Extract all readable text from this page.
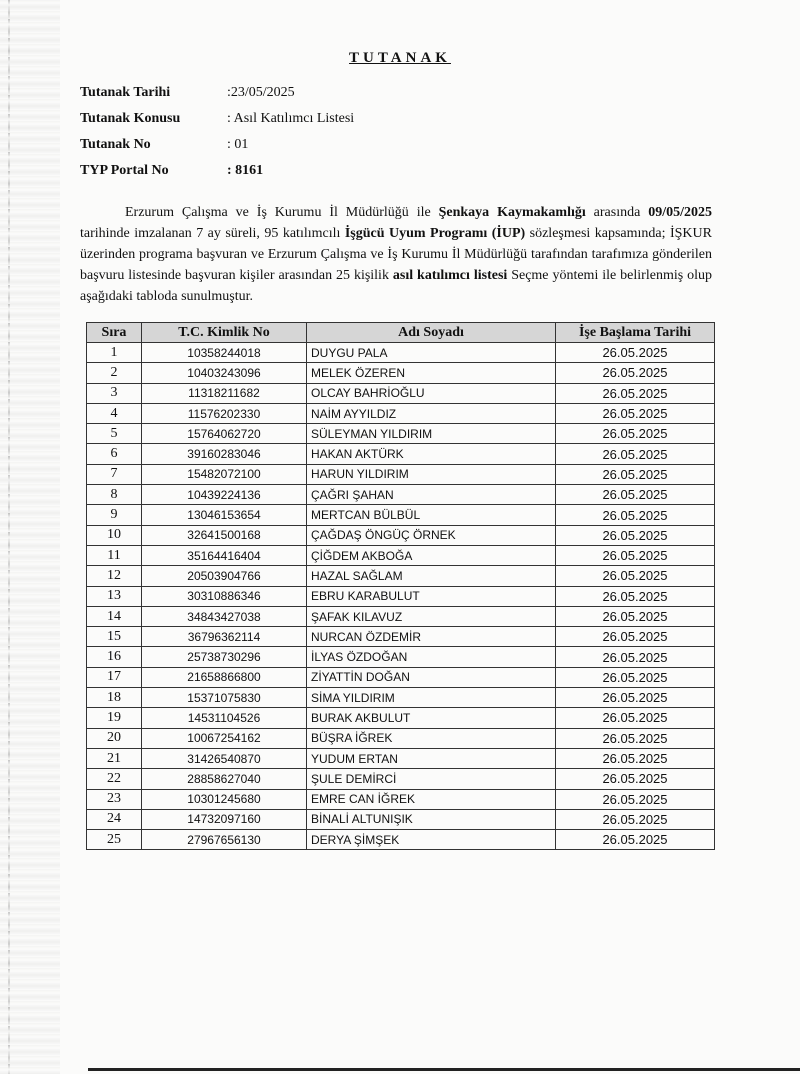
TUTANAK
Tutanak Tarihi	:23/05/2025
Tutanak Konusu	: Asıl Katılımcı Listesi
Tutanak No	: 01
TYP Portal No	: 8161
Erzurum Çalışma ve İş Kurumu İl Müdürlüğü ile Şenkaya Kaymakamlığı arasında 09/05/2025 tarihinde imzalanan 7 ay süreli, 95 katılımcılı İşgücü Uyum Programı (İUP) sözleşmesi kapsamında; İŞKUR üzerinden programa başvuran ve Erzurum Çalışma ve İş Kurumu İl Müdürlüğü tarafından tarafımıza gönderilen başvuru listesinde başvuran kişiler arasından 25 kişilik asıl katılımcı listesi Seçme yöntemi ile belirlenmiş olup aşağıdaki tabloda sunulmuştur.
Sıra	T.C. Kimlik No	Adı Soyadı	İşe Başlama Tarihi
1	10358244018	DUYGU PALA	26.05.2025
2	10403243096	MELEK ÖZEREN	26.05.2025
3	11318211682	OLCAY BAHRİOĞLU	26.05.2025
4	11576202330	NAİM AYYILDIZ	26.05.2025
5	15764062720	SÜLEYMAN YILDIRIM	26.05.2025
6	39160283046	HAKAN AKTÜRK	26.05.2025
7	15482072100	HARUN YILDIRIM	26.05.2025
8	10439224136	ÇAĞRI ŞAHAN	26.05.2025
9	13046153654	MERTCAN BÜLBÜL	26.05.2025
10	32641500168	ÇAĞDAŞ ÖNGÜÇ ÖRNEK	26.05.2025
11	35164416404	ÇİĞDEM AKBOĞA	26.05.2025
12	20503904766	HAZAL SAĞLAM	26.05.2025
13	30310886346	EBRU KARABULUT	26.05.2025
14	34843427038	ŞAFAK KILAVUZ	26.05.2025
15	36796362114	NURCAN ÖZDEMİR	26.05.2025
16	25738730296	İLYAS ÖZDOĞAN	26.05.2025
17	21658866800	ZİYATTİN DOĞAN	26.05.2025
18	15371075830	SİMA YILDIRIM	26.05.2025
19	14531104526	BURAK AKBULUT	26.05.2025
20	10067254162	BÜŞRA İĞREK	26.05.2025
21	31426540870	YUDUM ERTAN	26.05.2025
22	28858627040	ŞULE DEMİRCİ	26.05.2025
23	10301245680	EMRE CAN İĞREK	26.05.2025
24	14732097160	BİNALİ ALTUNIŞIK	26.05.2025
25	27967656130	DERYA ŞİMŞEK	26.05.2025
